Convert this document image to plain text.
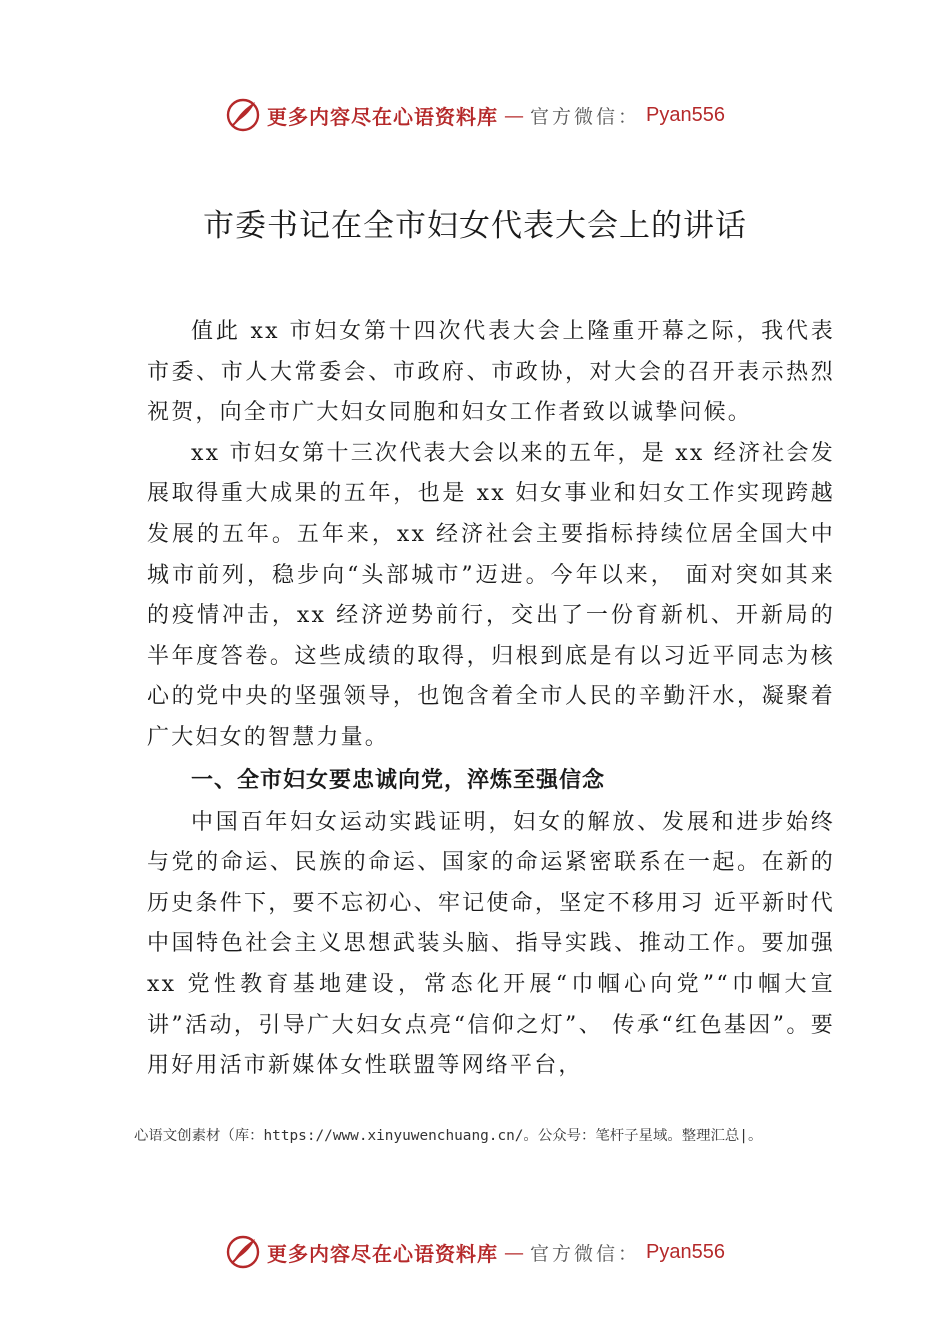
更多内容尽在心语资料库 — 官方微信： Pyan556
市委书记在全市妇女代表大会上的讲话

值此 xx 市妇女第十四次代表大会上隆重开幕之际，我代表市委、市人大常委会、市政府、市政协，对大会的召开表示热烈祝贺，向全市广大妇女同胞和妇女工作者致以诚挚问候。

xx 市妇女第十三次代表大会以来的五年，是 xx 经济社会发展取得重大成果的五年，也是 xx 妇女事业和妇女工作实现跨越发展的五年。五年来，xx 经济社会主要指标持续位居全国大中城市前列，稳步向“头部城市”迈进。今年以来， 面对突如其来的疫情冲击，xx 经济逆势前行，交出了一份育新机、开新局的半年度答卷。这些成绩的取得，归根到底是有以习近平同志为核心的党中央的坚强领导，也饱含着全市人民的辛勤汗水，凝聚着广大妇女的智慧力量。

一、全市妇女要忠诚向党，淬炼至强信念

中国百年妇女运动实践证明，妇女的解放、发展和进步始终与党的命运、民族的命运、国家的命运紧密联系在一起。在新的历史条件下，要不忘初心、牢记使命，坚定不移用习 近平新时代中国特色社会主义思想武装头脑、指导实践、推动工作。要加强 xx 党性教育基地建设，常态化开展“巾帼心向党”“巾帼大宣讲”活动，引导广大妇女点亮“信仰之灯”、 传承“红色基因”。要用好用活市新媒体女性联盟等网络平台，

心语文创素材（库：https://www.xinyuwenchuang.cn/。公众号：笔杆子星域。整理汇总|。
更多内容尽在心语资料库 — 官方微信： Pyan556
